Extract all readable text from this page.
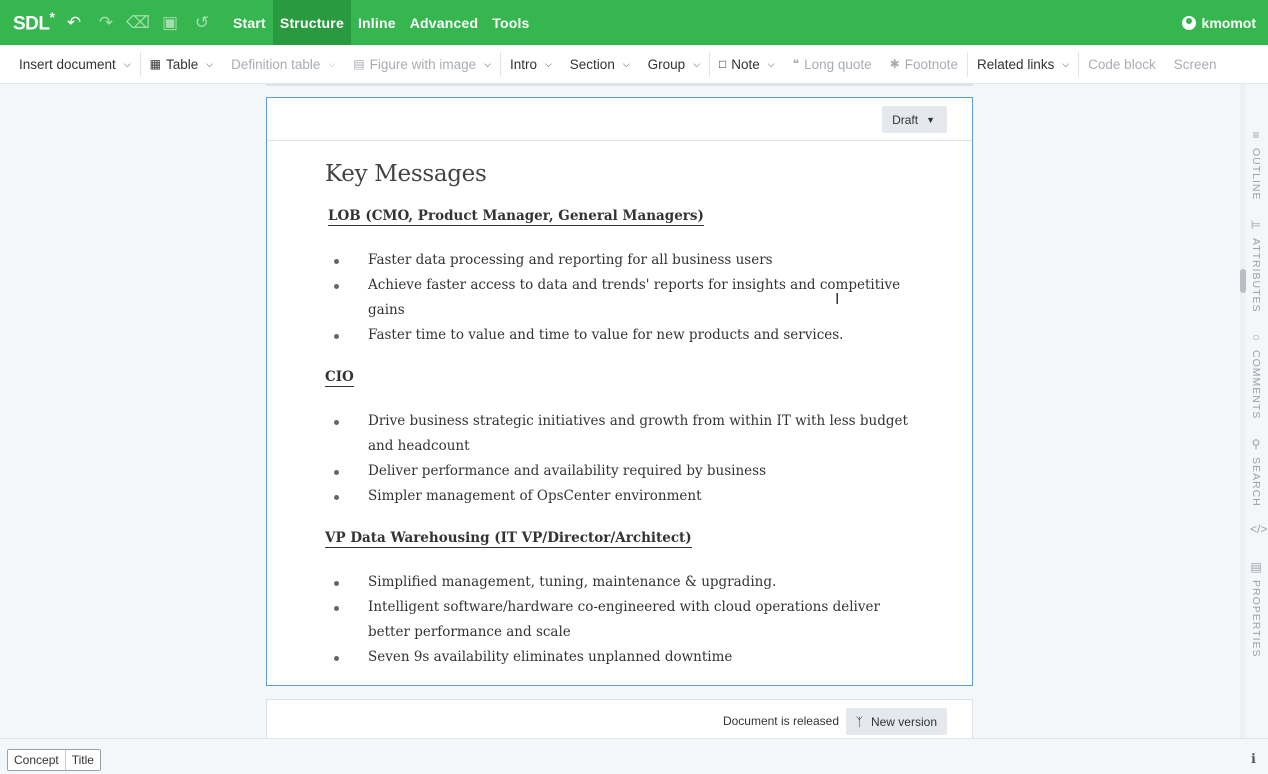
SDL* ↶	↷ ⌫ ▣ ↺	Start	Structure	Inline	Advanced	Tools	kmomot
Insert document ⌵ ▦ Table ⌵ Definition table ⌵ ▤ Figure with image ⌵ Intro ⌵ Section ⌵ Group ⌵ □ Note ⌵ ❝ Long quote ✱ Footnote Related links ⌵ Code block Screen
Draft ▼
Key Messages
LOB (CMO, Product Manager, General Managers)
Faster data processing and reporting for all business users
Achieve faster access to data and trends' reports for insights and competitive gains
Faster time to value and time to value for new products and services.
CIO
Drive business strategic initiatives and growth from within IT with less budget and headcount
Deliver performance and availability required by business
Simpler management of OpsCenter environment
VP Data Warehousing (IT VP/Director/Architect)
Simplified management, tuning, maintenance & upgrading.
Intelligent software/hardware co-engineered with cloud operations deliver better performance and scale
Seven 9s availability eliminates unplanned downtime
Document is released ᛉ New version
I
≡
OUTLINE
⊨
ATTRIBUTES
○
COMMENTS
⚲
SEARCH
</>
▤
PROPERTIES
Concept	Title	ℹ
